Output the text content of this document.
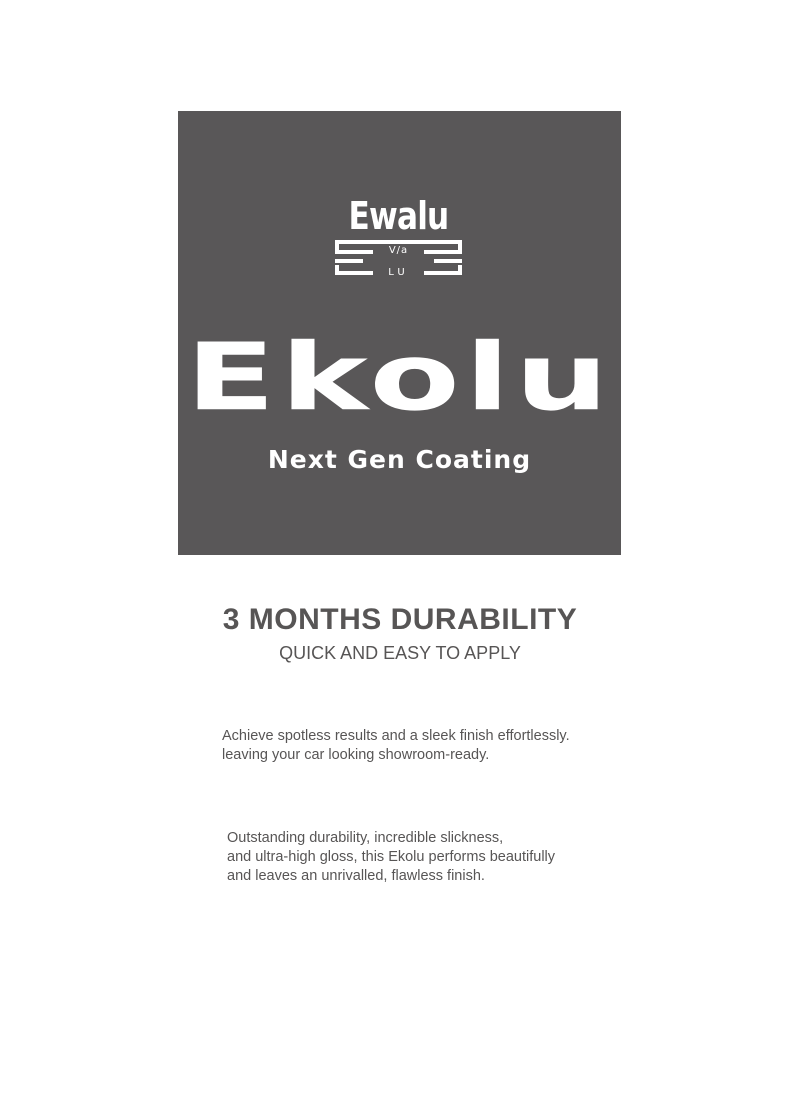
Ewalu
V/a
LU
Ekolu
Next Gen Coating
3 MONTHS DURABILITY
QUICK AND EASY TO APPLY
Achieve spotless results and a sleek finish effortlessly.
leaving your car looking showroom-ready.
Outstanding durability, incredible slickness,
and ultra-high gloss, this Ekolu performs beautifully
and leaves an unrivalled, flawless finish.
